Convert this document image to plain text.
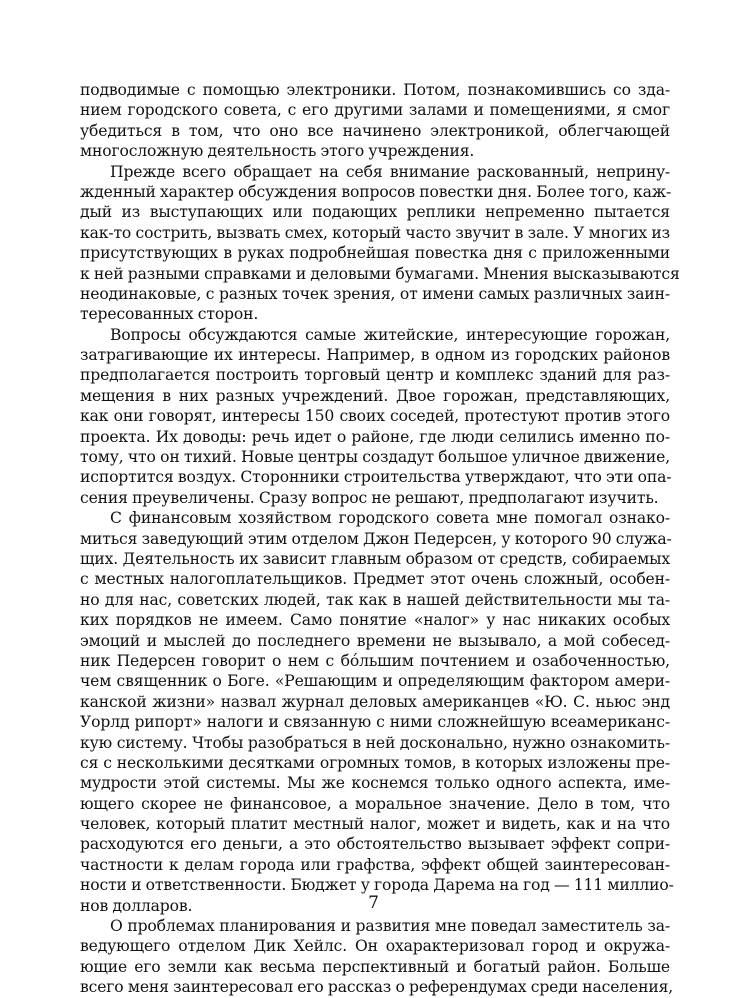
подводимые с помощью электроники. Потом, познакомившись со зда-
нием городского совета, с его другими залами и помещениями, я смог
убедиться в том, что оно все начинено электроникой, облегчающей
многосложную деятельность этого учреждения.
Прежде всего обращает на себя внимание раскованный, непринy-
жденный характер обсуждения вопросов повестки дня. Более того, каж-
дый из выступающих или подающих реплики непременно пытается
как-то сострить, вызвать смех, который часто звучит в зале. У многих из
присутствующих в руках подробнейшая повестка дня с приложенными
к ней разными справками и деловыми бумагами. Мнения высказываются
неодинаковые, с разных точек зрения, от имени самых различных заин-
тересованных сторон.
Вопросы обсуждаются самые житейские, интересующие горожан,
затрагивающие их интересы. Например, в одном из городских районов
предполагается построить торговый центр и комплекс зданий для раз-
мещения в них разных учреждений. Двое горожан, представляющих,
как они говорят, интересы 150 своих соседей, протестуют против этого
проекта. Их доводы: речь идет о районе, где люди селились именно по-
тому, что он тихий. Новые центры создадут большое уличное движение,
испортится воздух. Сторонники строительства утверждают, что эти опа-
сения преувеличены. Сразу вопрос не решают, предполагают изучить.
С финансовым хозяйством городского совета мне помогал ознако-
миться заведующий этим отделом Джон Педерсен, у которого 90 служа-
щих. Деятельность их зависит главным образом от средств, собираемых
с местных налогоплательщиков. Предмет этот очень сложный, особен-
но для нас, советских людей, так как в нашей действительности мы та-
ких порядков не имеем. Само понятие «налог» у нас никаких особых
эмоций и мыслей до последнего времени не вызывало, а мой собесед-
ник Педерсен говорит о нем с бо́льшим почтением и озабоченностью,
чем священник о Боге. «Решающим и определяющим фактором амери-
канской жизни» назвал журнал деловых американцев «Ю. С. ньюс энд
Уорлд рипорт» налоги и связанную с ними сложнейшую всеамериканс-
кую систему. Чтобы разобраться в ней досконально, нужно ознакомить-
ся с несколькими десятками огромных томов, в которых изложены пре-
мудрости этой системы. Мы же коснемся только одного аспекта, име-
ющего скорее не финансовое, а моральное значение. Дело в том, что
человек, который платит местный налог, может и видеть, как и на что
расходуются его деньги, а это обстоятельство вызывает эффект сопри-
частности к делам города или графства, эффект общей заинтересован-
ности и ответственности. Бюджет у города Дарема на год — 111 миллио-
нов долларов.
О проблемах планирования и развития мне поведал заместитель за-
ведующего отделом Дик Хейлс. Он охарактеризовал город и окружа-
ющие его земли как весьма перспективный и богатый район. Больше
всего меня заинтересовал его рассказ о референдумах среди населения,
7
